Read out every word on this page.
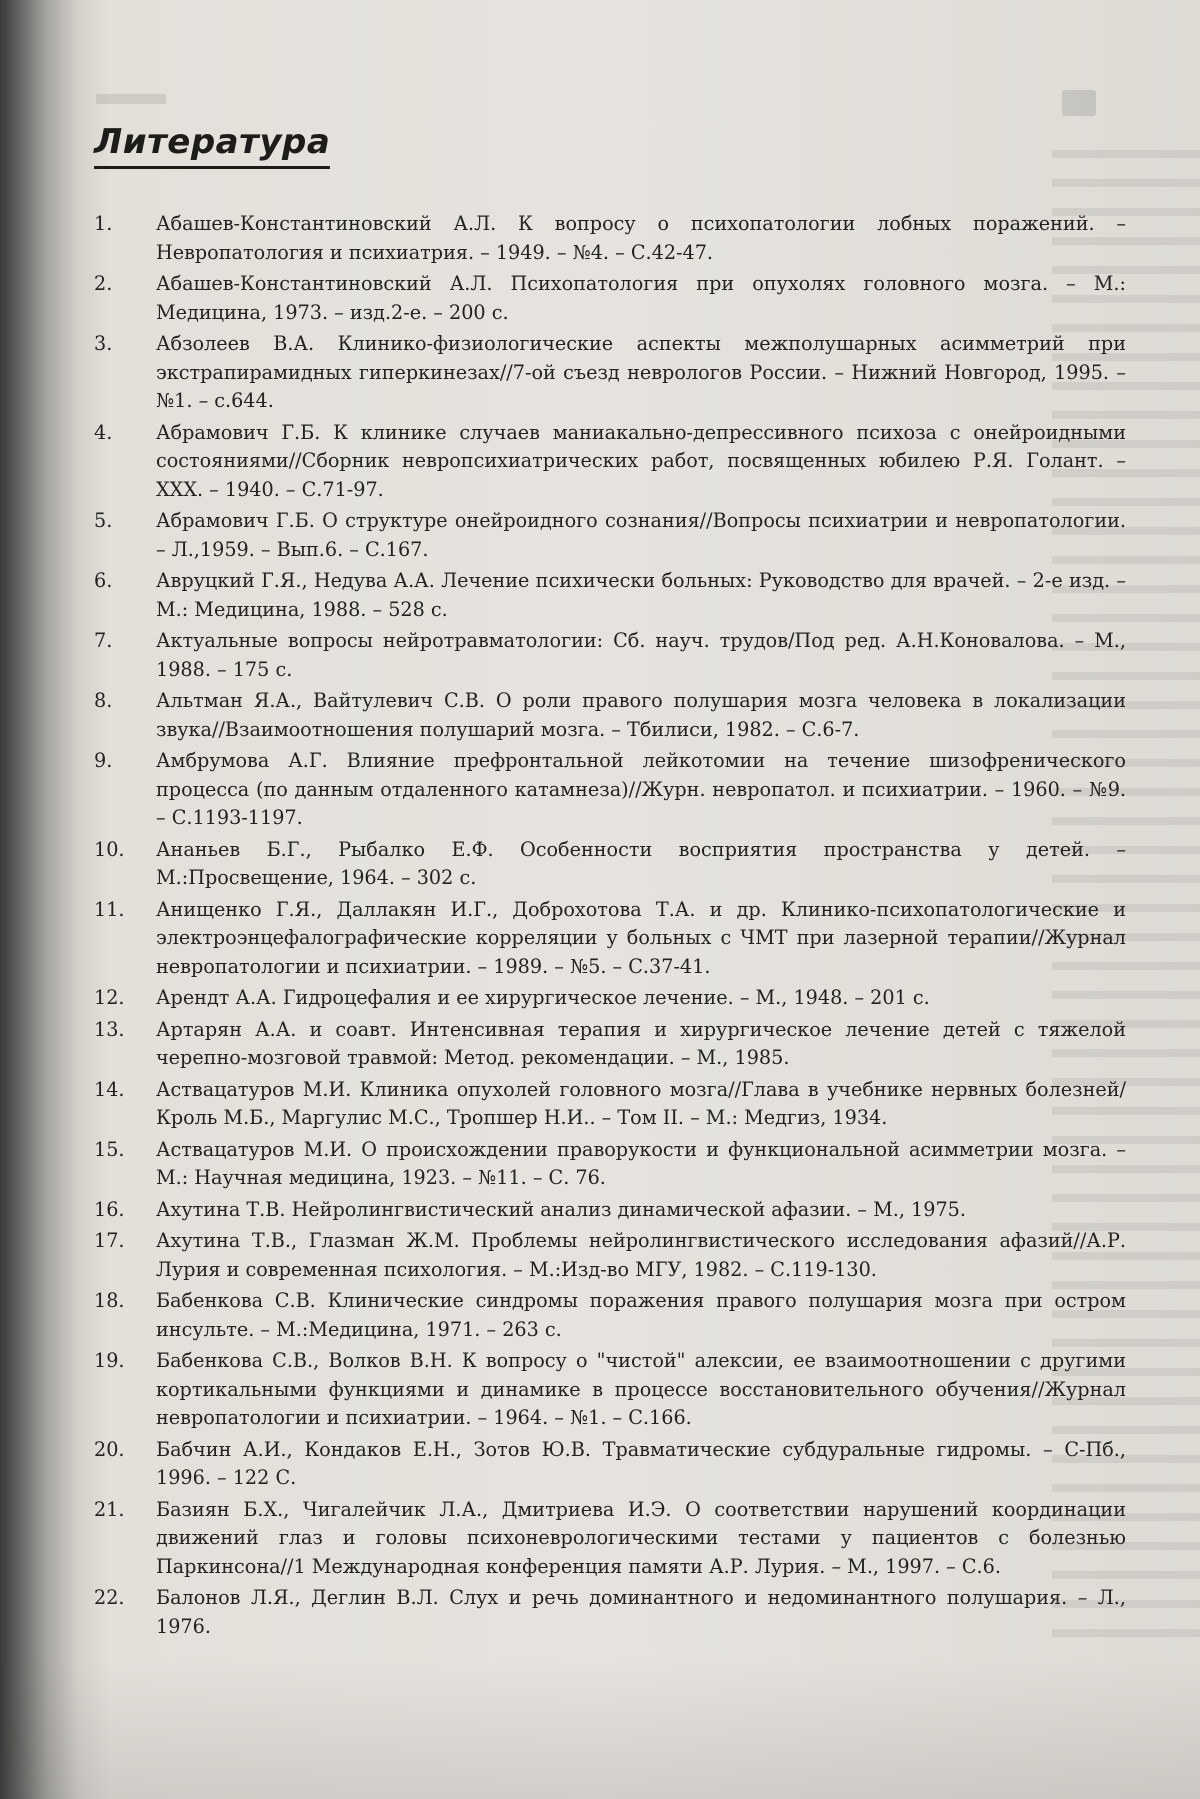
Литература
1.	Абашев-Константиновский А.Л. К вопросу о психопатологии лобных поражений. – Невропатология и психиатрия. – 1949. – №4. – С.42-47.
2.	Абашев-Константиновский А.Л. Психопатология при опухолях головного мозга. – М.: Медицина, 1973. – изд.2-е. – 200 с.
3.	Абзолеев В.А. Клинико-физиологические аспекты межполушарных асимметрий при экстрапирамидных гиперкинезах//7-ой съезд неврологов России. – Нижний Новгород, 1995. – №1. – с.644.
4.	Абрамович Г.Б. К клинике случаев маниакально-депрессивного психоза с онейроидными состояниями//Сборник невропсихиатрических работ, посвященных юбилею Р.Я. Голант. – XXX. – 1940. – С.71-97.
5.	Абрамович Г.Б. О структуре онейроидного сознания//Вопросы психиатрии и невропатологии. – Л.,1959. – Вып.6. – С.167.
6.	Авруцкий Г.Я., Недува А.А. Лечение психически больных: Руководство для врачей. – 2-е изд. – М.: Медицина, 1988. – 528 с.
7.	Актуальные вопросы нейротравматологии: Сб. науч. трудов/Под ред. А.Н.Коновалова. – М., 1988. – 175 с.
8.	Альтман Я.А., Вайтулевич С.В. О роли правого полушария мозга человека в локализации звука//Взаимоотношения полушарий мозга. – Тбилиси, 1982. – С.6-7.
9.	Амбрумова А.Г. Влияние префронтальной лейкотомии на течение шизофренического процесса (по данным отдаленного катамнеза)//Журн. невропатол. и психиатрии. – 1960. – №9. – С.1193-1197.
10.	Ананьев Б.Г., Рыбалко Е.Ф. Особенности восприятия пространства у детей. – М.:Просвещение, 1964. – 302 с.
11.	Анищенко Г.Я., Даллакян И.Г., Доброхотова Т.А. и др. Клинико-психопатологические и электроэнцефалографические корреляции у больных с ЧМТ при лазерной терапии//Журнал невропатологии и психиатрии. – 1989. – №5. – С.37-41.
12.	Арендт А.А. Гидроцефалия и ее хирургическое лечение. – М., 1948. – 201 с.
13.	Артарян А.А. и соавт. Интенсивная терапия и хирургическое лечение детей с тяжелой черепно-мозговой травмой: Метод. рекомендации. – М., 1985.
14.	Аствацатуров М.И. Клиника опухолей головного мозга//Глава в учебнике нервных болезней/Кроль М.Б., Маргулис М.С., Тропшер Н.И.. – Том II. – М.: Медгиз, 1934.
15.	Аствацатуров М.И. О происхождении праворукости и функциональной асимметрии мозга. – М.: Научная медицина, 1923. – №11. – С. 76.
16.	Ахутина Т.В. Нейролингвистический анализ динамической афазии. – М., 1975.
17.	Ахутина Т.В., Глазман Ж.М. Проблемы нейролингвистического исследования афазий//А.Р. Лурия и современная психология. – М.:Изд-во МГУ, 1982. – С.119-130.
18.	Бабенкова С.В. Клинические синдромы поражения правого полушария мозга при остром инсульте. – М.:Медицина, 1971. – 263 с.
19.	Бабенкова С.В., Волков В.Н. К вопросу о "чистой" алексии, ее взаимоотношении с другими кортикальными функциями и динамике в процессе восстановительного обучения//Журнал невропатологии и психиатрии. – 1964. – №1. – С.166.
20.	Бабчин А.И., Кондаков Е.Н., Зотов Ю.В. Травматические субдуральные гидромы. – С-Пб., 1996. – 122 С.
21.	Базиян Б.Х., Чигалейчик Л.А., Дмитриева И.Э. О соответствии нарушений координации движений глаз и головы психоневрологическими тестами у пациентов с болезнью Паркинсона//1 Международная конференция памяти А.Р. Лурия. – М., 1997. – С.6.
22.	Балонов Л.Я., Деглин В.Л. Слух и речь доминантного и недоминантного полушария. – Л., 1976.
